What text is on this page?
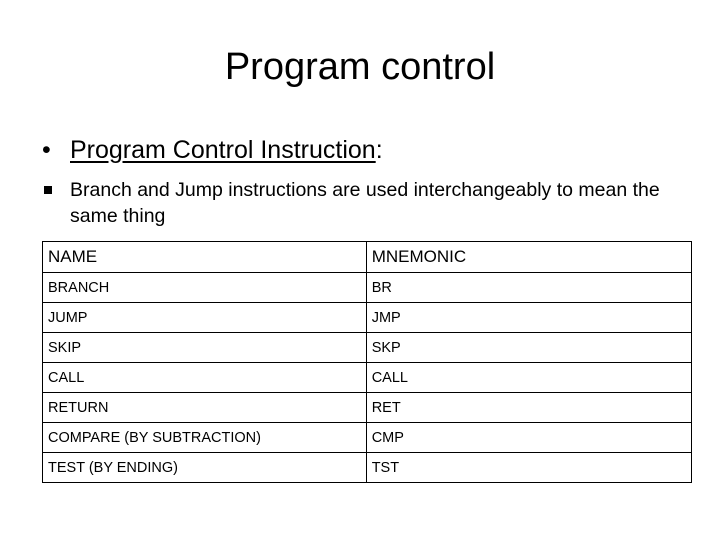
Program control
• Program Control Instruction:
Branch and Jump instructions are used interchangeably to mean the same thing
NAME	MNEMONIC
BRANCH	BR
JUMP	JMP
SKIP	SKP
CALL	CALL
RETURN	RET
COMPARE (BY SUBTRACTION)	CMP
TEST (BY ENDING)	TST
